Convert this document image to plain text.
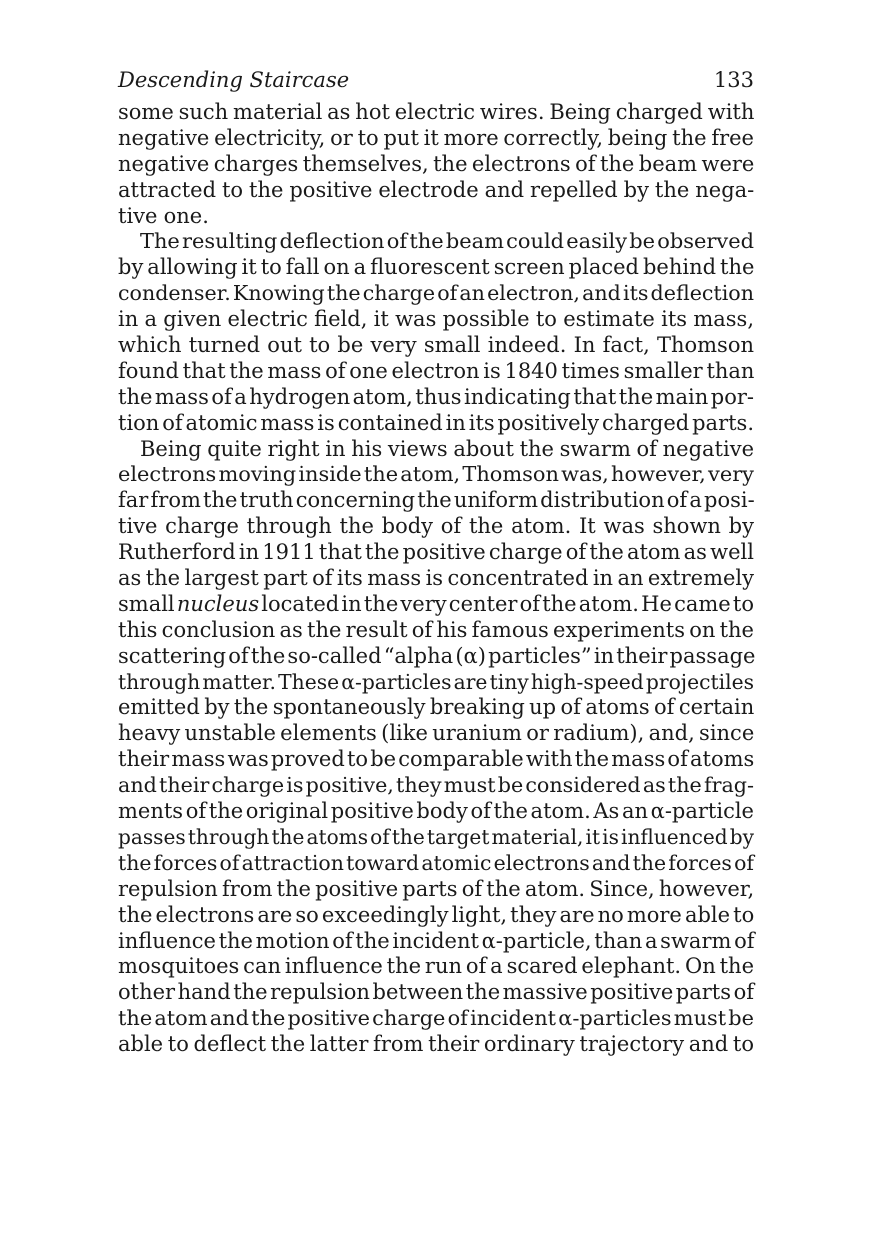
Descending Staircase	133
some such material as hot electric wires. Being charged with
negative electricity, or to put it more correctly, being the free
negative charges themselves, the electrons of the beam were
attracted to the positive electrode and repelled by the nega-
tive one.
The resulting deflection of the beam could easily be observed
by allowing it to fall on a fluorescent screen placed behind the
condenser. Knowing the charge of an electron, and its deflection
in a given electric field, it was possible to estimate its mass,
which turned out to be very small indeed. In fact, Thomson
found that the mass of one electron is 1840 times smaller than
the mass of a hydrogen atom, thus indicating that the main por-
tion of atomic mass is contained in its positively charged parts.
Being quite right in his views about the swarm of negative
electrons moving inside the atom, Thomson was, however, very
far from the truth concerning the uniform distribution of a posi-
tive charge through the body of the atom. It was shown by
Rutherford in 1911 that the positive charge of the atom as well
as the largest part of its mass is concentrated in an extremely
small nucleus located in the very center of the atom. He came to
this conclusion as the result of his famous experiments on the
scattering of the so-called “alpha (α) particles” in their passage
through matter. These α-particles are tiny high-speed projectiles
emitted by the spontaneously breaking up of atoms of certain
heavy unstable elements (like uranium or radium), and, since
their mass was proved to be comparable with the mass of atoms
and their charge is positive, they must be considered as the frag-
ments of the original positive body of the atom. As an α-particle
passes through the atoms of the target material, it is influenced by
the forces of attraction toward atomic electrons and the forces of
repulsion from the positive parts of the atom. Since, however,
the electrons are so exceedingly light, they are no more able to
influence the motion of the incident α-particle, than a swarm of
mosquitoes can influence the run of a scared elephant. On the
other hand the repulsion between the massive positive parts of
the atom and the positive charge of incident α-particles must be
able to deflect the latter from their ordinary trajectory and to
